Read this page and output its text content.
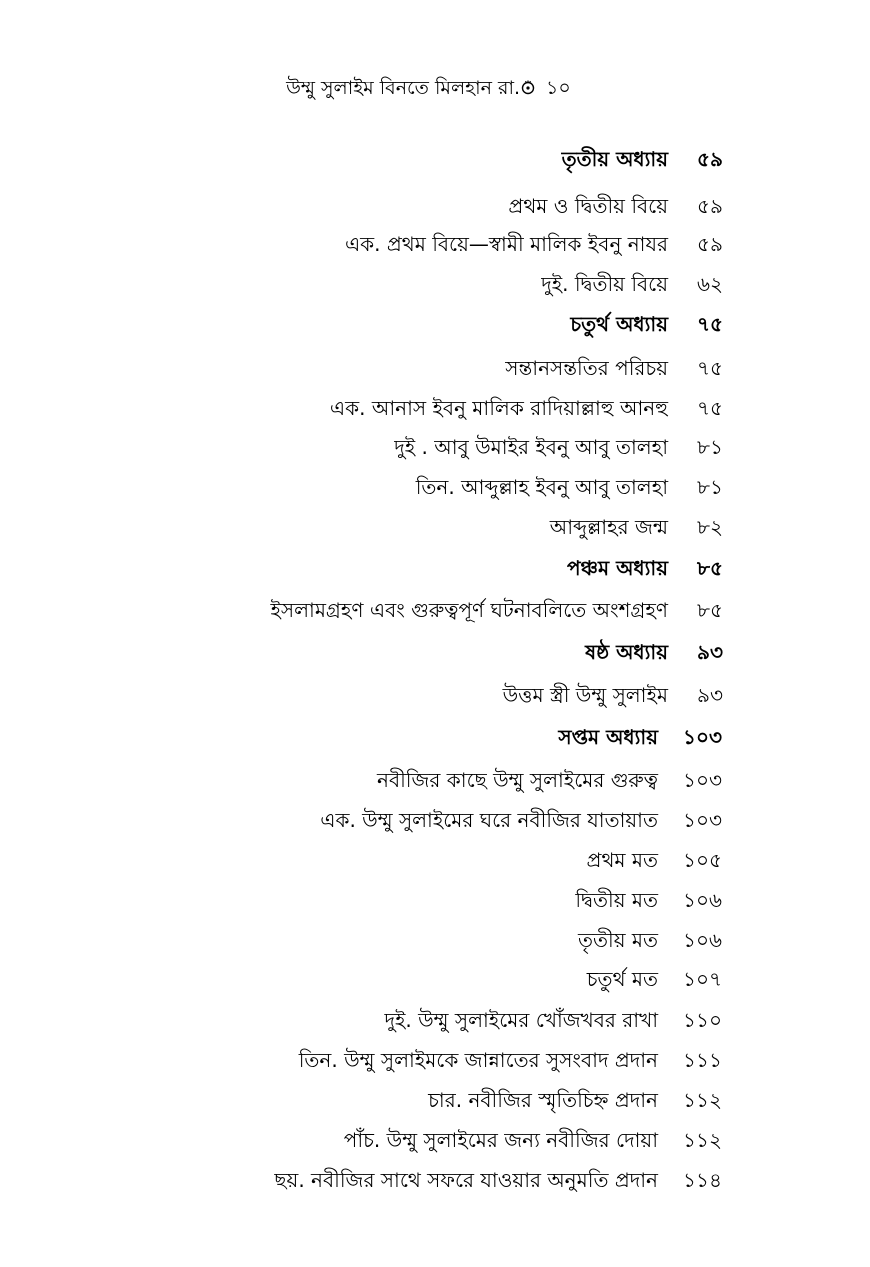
উম্মু সুলাইম বিনতে মিলহান রা. ১০
তৃতীয় অধ্যায় ৫৯
প্রথম ও দ্বিতীয় বিয়ে ৫৯
এক. প্রথম বিয়ে—স্বামী মালিক ইবনু নাযর ৫৯
দুই. দ্বিতীয় বিয়ে ৬২
চতুর্থ অধ্যায় ৭৫
সন্তানসন্ততির পরিচয় ৭৫
এক. আনাস ইবনু মালিক রাদিয়াল্লাহু আনহু ৭৫
দুই . আবু উমাইর ইবনু আবু তালহা ৮১
তিন. আব্দুল্লাহ ইবনু আবু তালহা ৮১
আব্দুল্লাহর জন্ম ৮২
পঞ্চম অধ্যায় ৮৫
ইসলামগ্রহণ এবং গুরুত্বপূর্ণ ঘটনাবলিতে অংশগ্রহণ ৮৫
ষষ্ঠ অধ্যায় ৯৩
উত্তম স্ত্রী উম্মু সুলাইম ৯৩
সপ্তম অধ্যায় ১০৩
নবীজির কাছে উম্মু সুলাইমের গুরুত্ব ১০৩
এক. উম্মু সুলাইমের ঘরে নবীজির যাতায়াত ১০৩
প্রথম মত ১০৫
দ্বিতীয় মত ১০৬
তৃতীয় মত ১০৬
চতুর্থ মত ১০৭
দুই. উম্মু সুলাইমের খোঁজখবর রাখা ১১০
তিন. উম্মু সুলাইমকে জান্নাতের সুসংবাদ প্রদান ১১১
চার. নবীজির স্মৃতিচিহ্ন প্রদান ১১২
পাঁচ. উম্মু সুলাইমের জন্য নবীজির দোয়া ১১২
ছয়. নবীজির সাথে সফরে যাওয়ার অনুমতি প্রদান ১১৪
